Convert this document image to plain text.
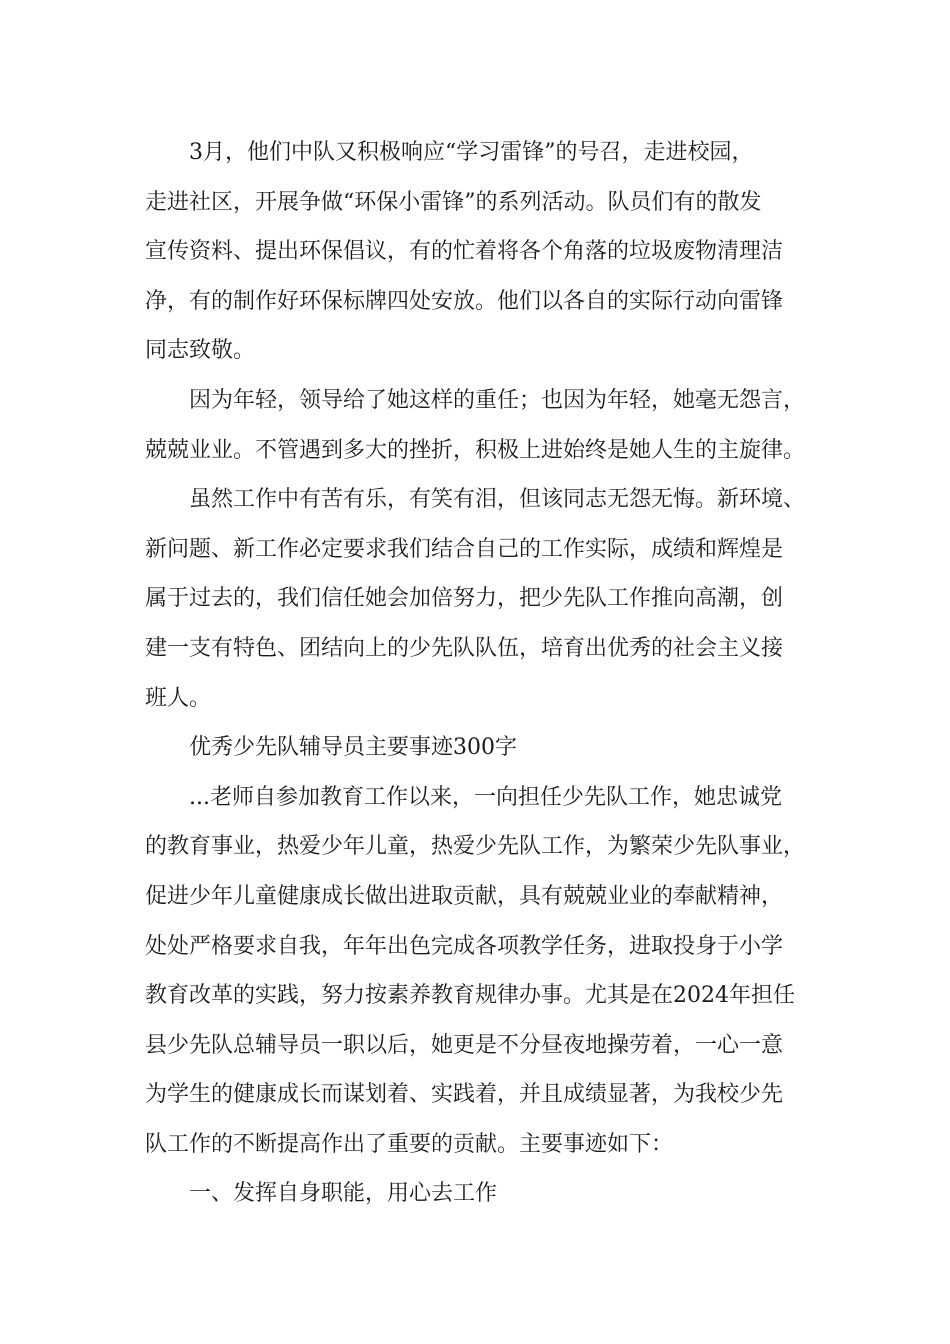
3月，他们中队又积极响应“学习雷锋”的号召，走进校园，
走进社区，开展争做“环保小雷锋”的系列活动。队员们有的散发
宣传资料、提出环保倡议，有的忙着将各个角落的垃圾废物清理洁
净，有的制作好环保标牌四处安放。他们以各自的实际行动向雷锋
同志致敬。
因为年轻，领导给了她这样的重任；也因为年轻，她毫无怨言，
兢兢业业。不管遇到多大的挫折，积极上进始终是她人生的主旋律。
虽然工作中有苦有乐，有笑有泪，但该同志无怨无悔。新环境、
新问题、新工作必定要求我们结合自己的工作实际，成绩和辉煌是
属于过去的，我们信任她会加倍努力，把少先队工作推向高潮，创
建一支有特色、团结向上的少先队队伍，培育出优秀的社会主义接
班人。
优秀少先队辅导员主要事迹300字
...老师自参加教育工作以来，一向担任少先队工作，她忠诚党
的教育事业，热爱少年儿童，热爱少先队工作，为繁荣少先队事业，
促进少年儿童健康成长做出进取贡献，具有兢兢业业的奉献精神，
处处严格要求自我，年年出色完成各项教学任务，进取投身于小学
教育改革的实践，努力按素养教育规律办事。尤其是在2024年担任
县少先队总辅导员一职以后，她更是不分昼夜地操劳着，一心一意
为学生的健康成长而谋划着、实践着，并且成绩显著，为我校少先
队工作的不断提高作出了重要的贡献。主要事迹如下：
一、发挥自身职能，用心去工作
